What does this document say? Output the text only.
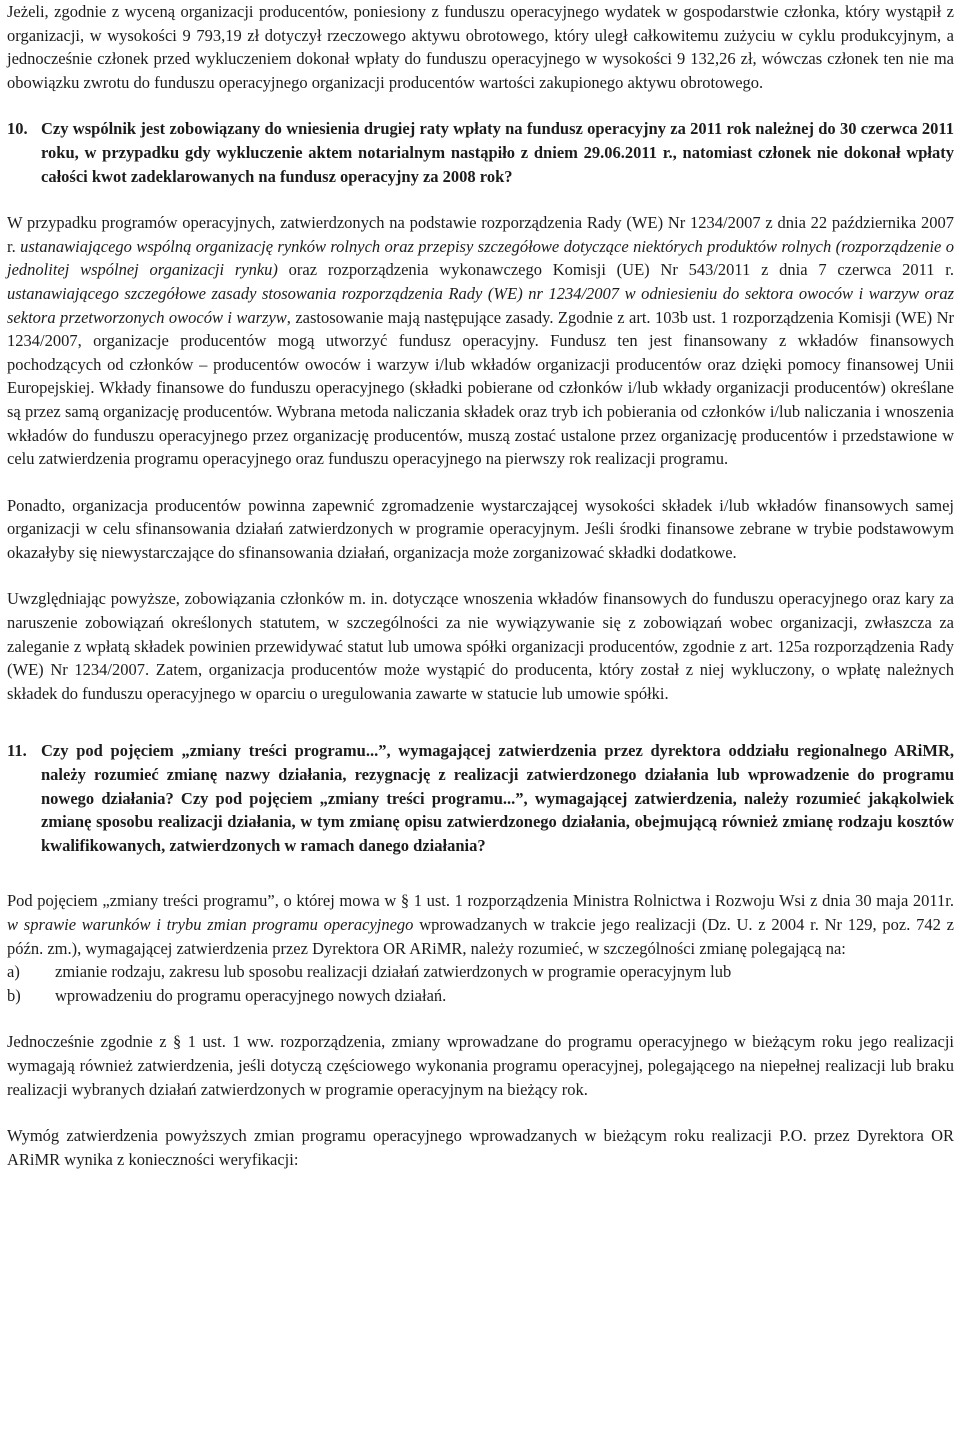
Jeżeli, zgodnie z wyceną organizacji producentów, poniesiony z funduszu operacyjnego wydatek w gospodarstwie członka, który wystąpił z organizacji, w wysokości 9 793,19 zł dotyczył rzeczowego aktywu obrotowego, który uległ całkowitemu zużyciu w cyklu produkcyjnym, a jednocześnie członek przed wykluczeniem dokonał wpłaty do funduszu operacyjnego w wysokości 9 132,26 zł, wówczas członek ten nie ma obowiązku zwrotu do funduszu operacyjnego organizacji producentów wartości zakupionego aktywu obrotowego.

10. Czy wspólnik jest zobowiązany do wniesienia drugiej raty wpłaty na fundusz operacyjny za 2011 rok należnej do 30 czerwca 2011 roku, w przypadku gdy wykluczenie aktem notarialnym nastąpiło z dniem 29.06.2011 r., natomiast członek nie dokonał wpłaty całości kwot zadeklarowanych na fundusz operacyjny za 2008 rok?

W przypadku programów operacyjnych, zatwierdzonych na podstawie rozporządzenia Rady (WE) Nr 1234/2007 z dnia 22 października 2007 r. ustanawiającego wspólną organizację rynków rolnych oraz przepisy szczegółowe dotyczące niektórych produktów rolnych (rozporządzenie o jednolitej wspólnej organizacji rynku) oraz rozporządzenia wykonawczego Komisji (UE) Nr 543/2011 z dnia 7 czerwca 2011 r. ustanawiającego szczegółowe zasady stosowania rozporządzenia Rady (WE) nr 1234/2007 w odniesieniu do sektora owoców i warzyw oraz sektora przetworzonych owoców i warzyw, zastosowanie mają następujące zasady. Zgodnie z art. 103b ust. 1 rozporządzenia Komisji (WE) Nr 1234/2007, organizacje producentów mogą utworzyć fundusz operacyjny. Fundusz ten jest finansowany z wkładów finansowych pochodzących od członków – producentów owoców i warzyw i/lub wkładów organizacji producentów oraz dzięki pomocy finansowej Unii Europejskiej. Wkłady finansowe do funduszu operacyjnego (składki pobierane od członków i/lub wkłady organizacji producentów) określane są przez samą organizację producentów. Wybrana metoda naliczania składek oraz tryb ich pobierania od członków i/lub naliczania i wnoszenia wkładów do funduszu operacyjnego przez organizację producentów, muszą zostać ustalone przez organizację producentów i przedstawione w celu zatwierdzenia programu operacyjnego oraz funduszu operacyjnego na pierwszy rok realizacji programu.

Ponadto, organizacja producentów powinna zapewnić zgromadzenie wystarczającej wysokości składek i/lub wkładów finansowych samej organizacji w celu sfinansowania działań zatwierdzonych w programie operacyjnym. Jeśli środki finansowe zebrane w trybie podstawowym okazałyby się niewystarczające do sfinansowania działań, organizacja może zorganizować składki dodatkowe.

Uwzględniając powyższe, zobowiązania członków m. in. dotyczące wnoszenia wkładów finansowych do funduszu operacyjnego oraz kary za naruszenie zobowiązań określonych statutem, w szczególności za nie wywiązywanie się z zobowiązań wobec organizacji, zwłaszcza za zaleganie z wpłatą składek powinien przewidywać statut lub umowa spółki organizacji producentów, zgodnie z art. 125a rozporządzenia Rady (WE) Nr 1234/2007. Zatem, organizacja producentów może wystąpić do producenta, który został z niej wykluczony, o wpłatę należnych składek do funduszu operacyjnego w oparciu o uregulowania zawarte w statucie lub umowie spółki.

11. Czy pod pojęciem „zmiany treści programu...”, wymagającej zatwierdzenia przez dyrektora oddziału regionalnego ARiMR, należy rozumieć zmianę nazwy działania, rezygnację z realizacji zatwierdzonego działania lub wprowadzenie do programu nowego działania? Czy pod pojęciem „zmiany treści programu...”, wymagającej zatwierdzenia, należy rozumieć jakąkolwiek zmianę sposobu realizacji działania, w tym zmianę opisu zatwierdzonego działania, obejmującą również zmianę rodzaju kosztów kwalifikowanych, zatwierdzonych w ramach danego działania?

Pod pojęciem „zmiany treści programu”, o której mowa w § 1 ust. 1 rozporządzenia Ministra Rolnictwa i Rozwoju Wsi z dnia 30 maja 2011r. w sprawie warunków i trybu zmian programu operacyjnego wprowadzanych w trakcie jego realizacji (Dz. U. z 2004 r. Nr 129, poz. 742 z późn. zm.), wymagającej zatwierdzenia przez Dyrektora OR ARiMR, należy rozumieć, w szczególności zmianę polegającą na:

a)	zmianie rodzaju, zakresu lub sposobu realizacji działań zatwierdzonych w programie operacyjnym lub
b)	wprowadzeniu do programu operacyjnego nowych działań.

Jednocześnie zgodnie z § 1 ust. 1 ww. rozporządzenia, zmiany wprowadzane do programu operacyjnego w bieżącym roku jego realizacji wymagają również zatwierdzenia, jeśli dotyczą częściowego wykonania programu operacyjnej, polegającego na niepełnej realizacji lub braku realizacji wybranych działań zatwierdzonych w programie operacyjnym na bieżący rok.

Wymóg zatwierdzenia powyższych zmian programu operacyjnego wprowadzanych w bieżącym roku realizacji P.O. przez Dyrektora OR ARiMR wynika z konieczności weryfikacji:
